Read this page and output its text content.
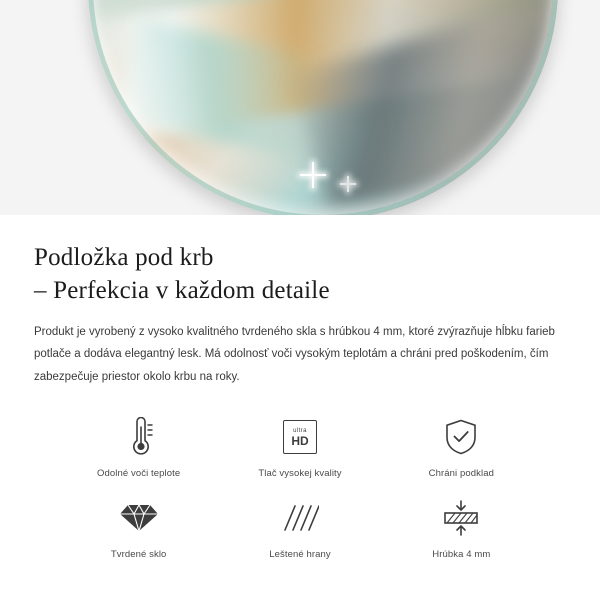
Podložka pod krb
– Perfekcia v každom detaile

Produkt je vyrobený z vysoko kvalitného tvrdeného skla s hrúbkou 4 mm, ktoré zvýrazňuje hĺbku farieb potlače a dodáva elegantný lesk. Má odolnosť voči vysokým teplotám a chráni pred poškodením, čím zabezpečuje priestor okolo krbu na roky.

Odolné voči teplote
ultra
HD
Tlač vysokej kvality	Chráni podklad
Tvrdené sklo	Leštené hrany	Hrúbka 4 mm
